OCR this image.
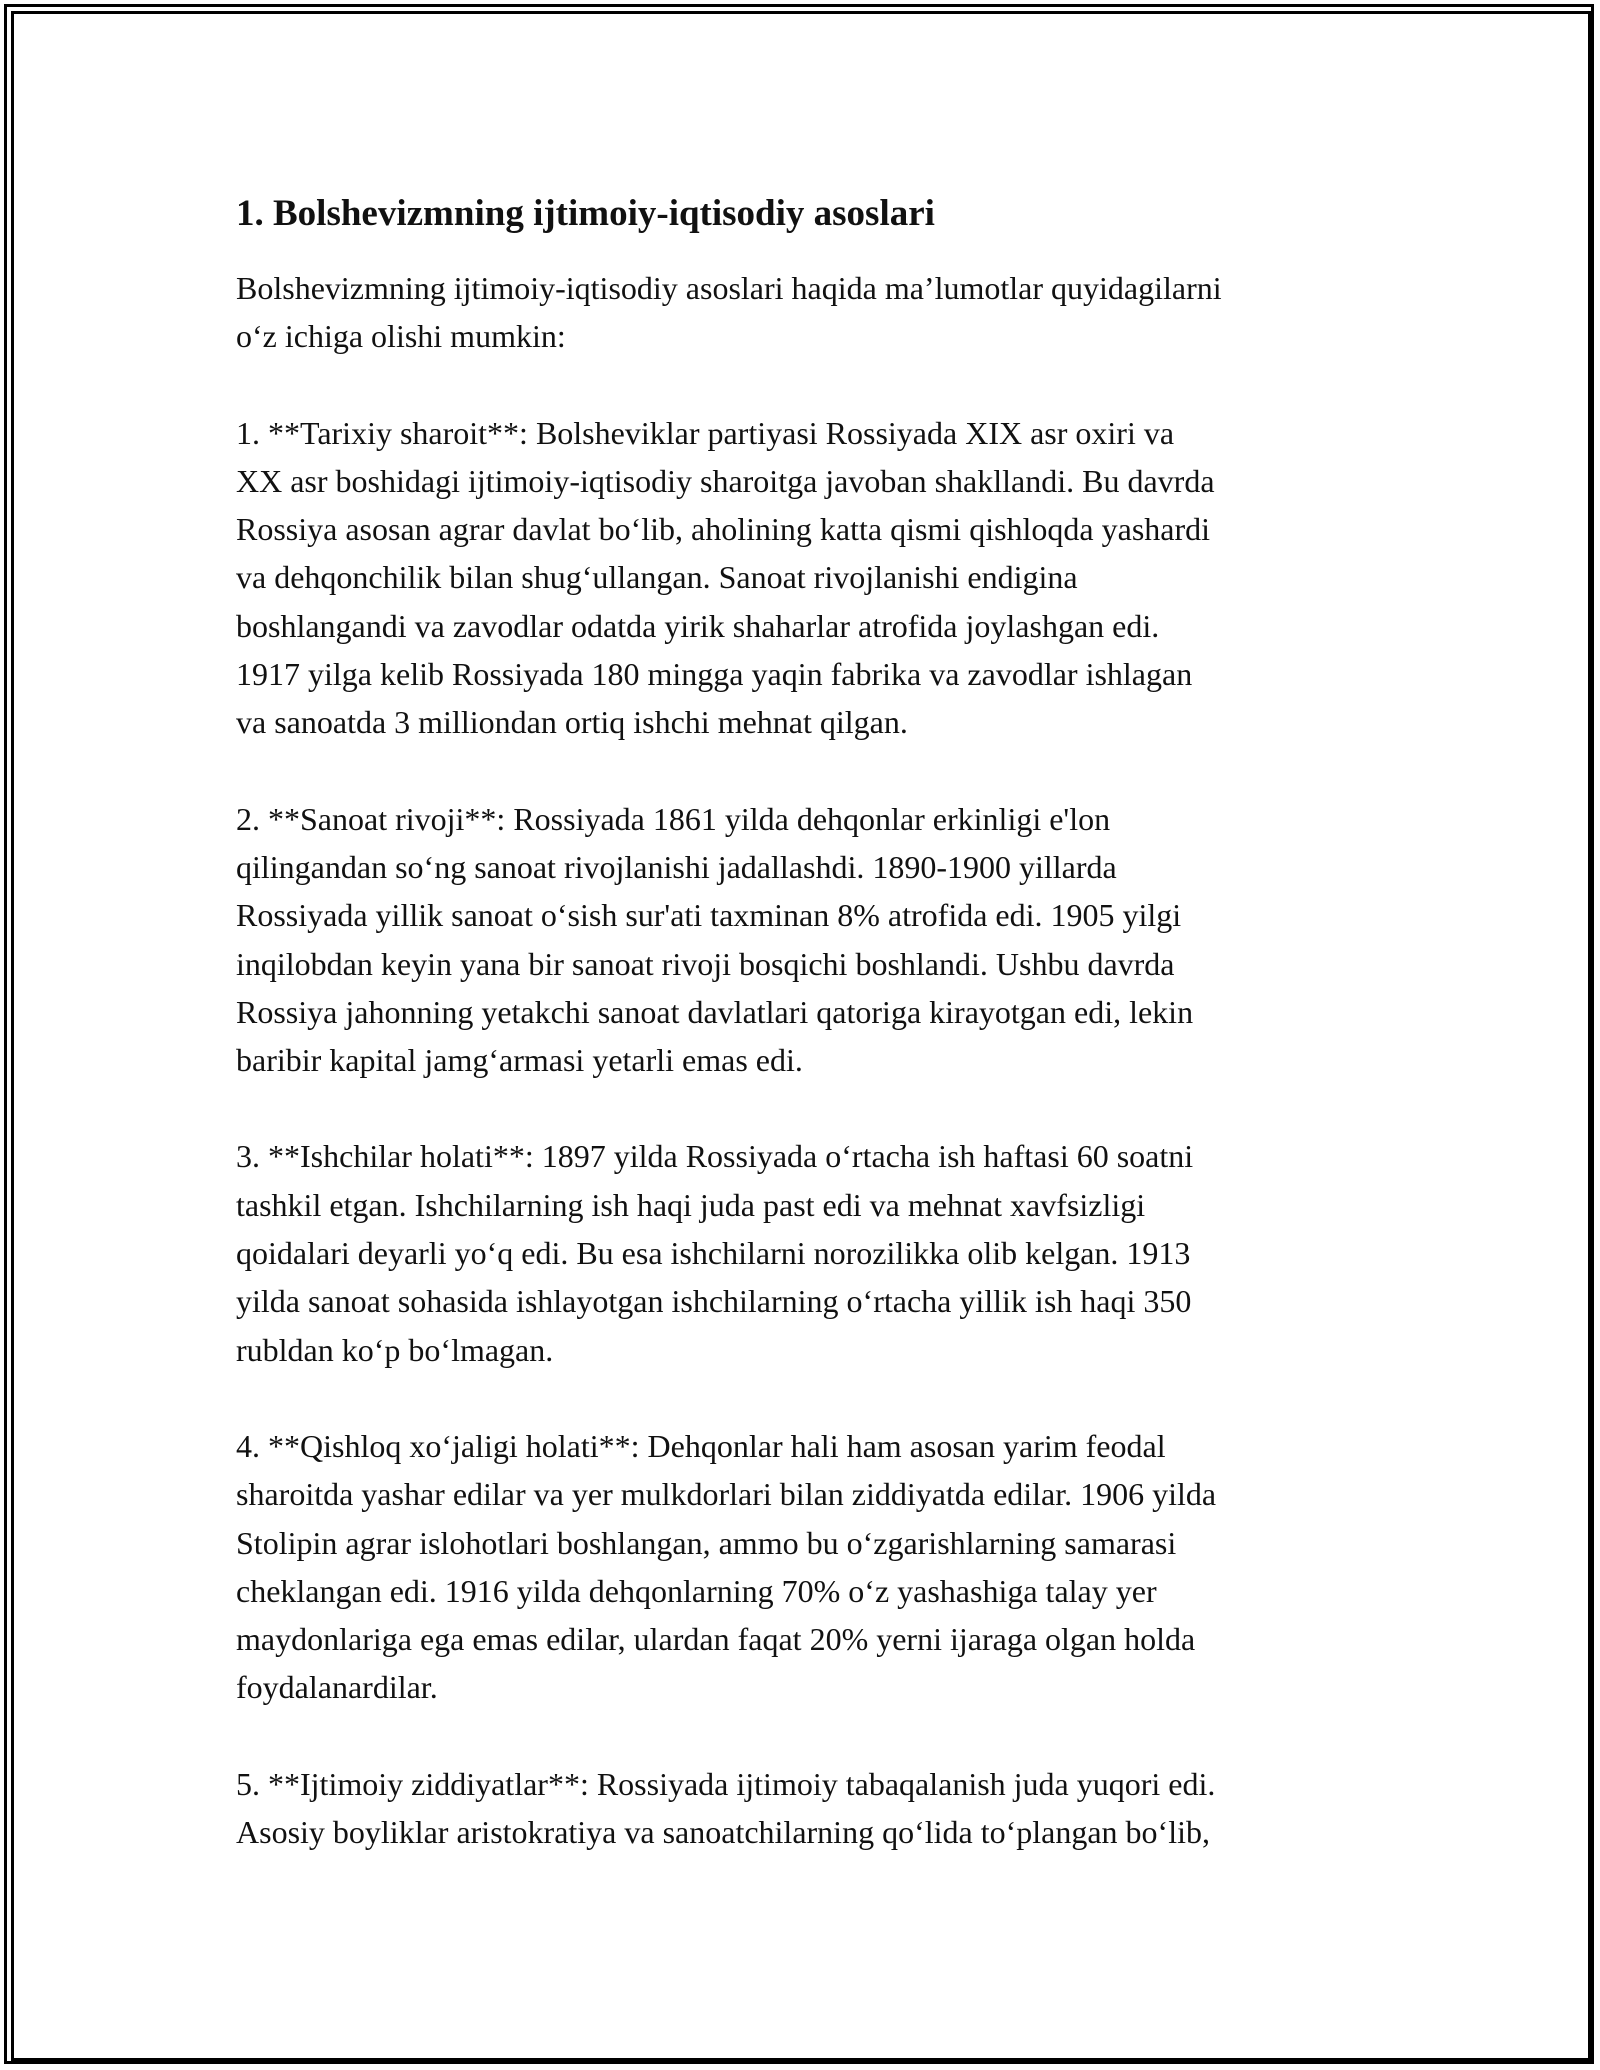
1. Bolshevizmning ijtimoiy-iqtisodiy asoslari

Bolshevizmning ijtimoiy-iqtisodiy asoslari haqida ma’lumotlar quyidagilarni
o‘z ichiga olishi mumkin:

1. **Tarixiy sharoit**: Bolsheviklar partiyasi Rossiyada XIX asr oxiri va
XX asr boshidagi ijtimoiy-iqtisodiy sharoitga javoban shakllandi. Bu davrda
Rossiya asosan agrar davlat bo‘lib, aholining katta qismi qishloqda yashardi
va dehqonchilik bilan shug‘ullangan. Sanoat rivojlanishi endigina
boshlangandi va zavodlar odatda yirik shaharlar atrofida joylashgan edi.
1917 yilga kelib Rossiyada 180 mingga yaqin fabrika va zavodlar ishlagan
va sanoatda 3 milliondan ortiq ishchi mehnat qilgan.

2. **Sanoat rivoji**: Rossiyada 1861 yilda dehqonlar erkinligi e'lon
qilingandan so‘ng sanoat rivojlanishi jadallashdi. 1890-1900 yillarda
Rossiyada yillik sanoat o‘sish sur'ati taxminan 8% atrofida edi. 1905 yilgi
inqilobdan keyin yana bir sanoat rivoji bosqichi boshlandi. Ushbu davrda
Rossiya jahonning yetakchi sanoat davlatlari qatoriga kirayotgan edi, lekin
baribir kapital jamg‘armasi yetarli emas edi.

3. **Ishchilar holati**: 1897 yilda Rossiyada o‘rtacha ish haftasi 60 soatni
tashkil etgan. Ishchilarning ish haqi juda past edi va mehnat xavfsizligi
qoidalari deyarli yo‘q edi. Bu esa ishchilarni norozilikka olib kelgan. 1913
yilda sanoat sohasida ishlayotgan ishchilarning o‘rtacha yillik ish haqi 350
rubldan ko‘p bo‘lmagan.

4. **Qishloq xo‘jaligi holati**: Dehqonlar hali ham asosan yarim feodal
sharoitda yashar edilar va yer mulkdorlari bilan ziddiyatda edilar. 1906 yilda
Stolipin agrar islohotlari boshlangan, ammo bu o‘zgarishlarning samarasi
cheklangan edi. 1916 yilda dehqonlarning 70% o‘z yashashiga talay yer
maydonlariga ega emas edilar, ulardan faqat 20% yerni ijaraga olgan holda
foydalanardilar.

5. **Ijtimoiy ziddiyatlar**: Rossiyada ijtimoiy tabaqalanish juda yuqori edi.
Asosiy boyliklar aristokratiya va sanoatchilarning qo‘lida to‘plangan bo‘lib,
